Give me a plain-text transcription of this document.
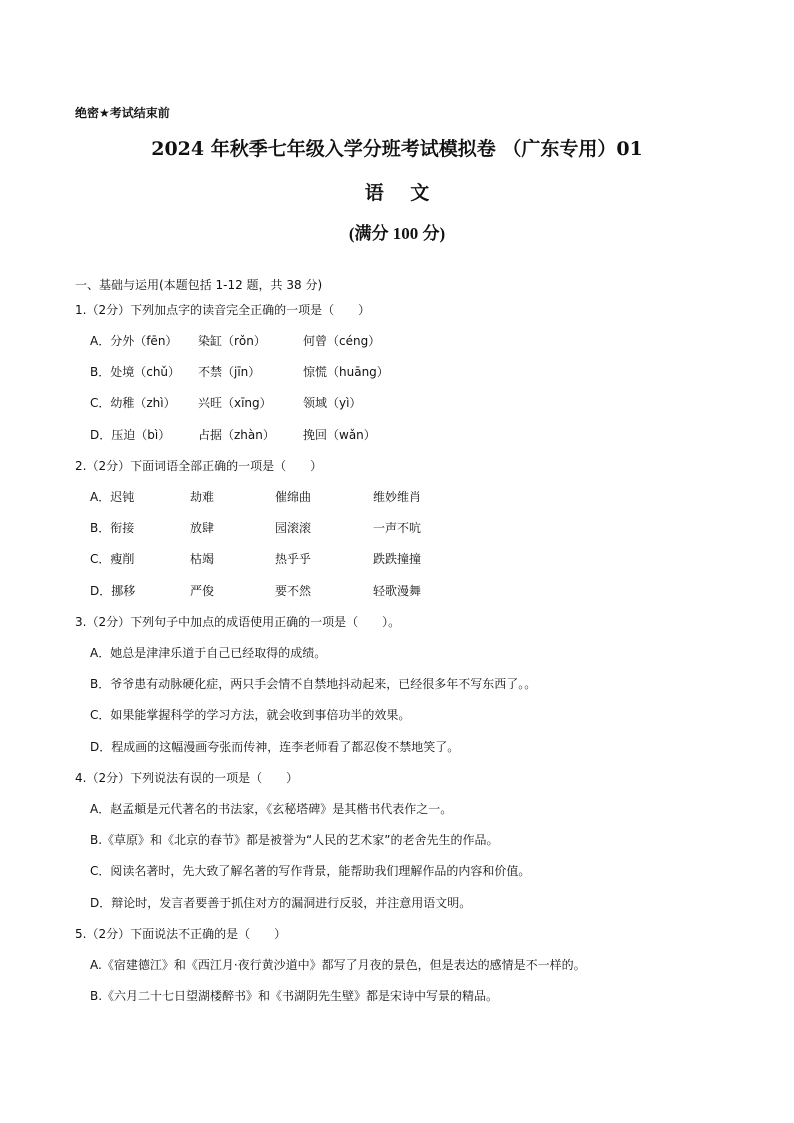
绝密★考试结束前
2024 年秋季七年级入学分班考试模拟卷 （广东专用）01
语 文
(满分 100 分)
一、基础与运用(本题包括 1-12 题，共 38 分)
1.（2分）下列加点字的读音完全正确的一项是（　　）
A．分外（fēn） 染缸（rǒn）	何曾（céng）
B．处境（chǔ） 不禁（jīn）	惊慌（huāng）
C．幼稚（zhì） 兴旺（xīng）	领域（yì）
D．压迫（bì） 占据（zhàn） 挽回（wǎn）
2.（2分）下面词语全部正确的一项是（　　）
A．迟钝	劫难	催绵曲	维妙维肖
B．衔接	放肆	园滚滚	一声不吭
C．瘦削	枯竭	热乎乎	跌跌撞撞
D．挪移	严俊	要不然	轻歌漫舞
3.（2分）下列句子中加点的成语使用正确的一项是（　　）。
A．她总是津津乐道于自己已经取得的成绩。
B．爷爷患有动脉硬化症，两只手会情不自禁地抖动起来，已经很多年不写东西了。。
C．如果能掌握科学的学习方法，就会收到事倍功半的效果。
D．程成画的这幅漫画夸张而传神，连李老师看了都忍俊不禁地笑了。
4.（2分）下列说法有误的一项是（　　）
A．赵孟頫是元代著名的书法家，《玄秘塔碑》是其楷书代表作之一。
B.《草原》和《北京的春节》都是被誉为“人民的艺术家”的老舍先生的作品。
C．阅读名著时，先大致了解名著的写作背景，能帮助我们理解作品的内容和价值。
D．辩论时，发言者要善于抓住对方的漏洞进行反驳，并注意用语文明。
5.（2分）下面说法不正确的是（　　）
A.《宿建德江》和《西江月·夜行黄沙道中》都写了月夜的景色，但是表达的感情是不一样的。
B.《六月二十七日望湖楼醉书》和《书湖阴先生壁》都是宋诗中写景的精品。
